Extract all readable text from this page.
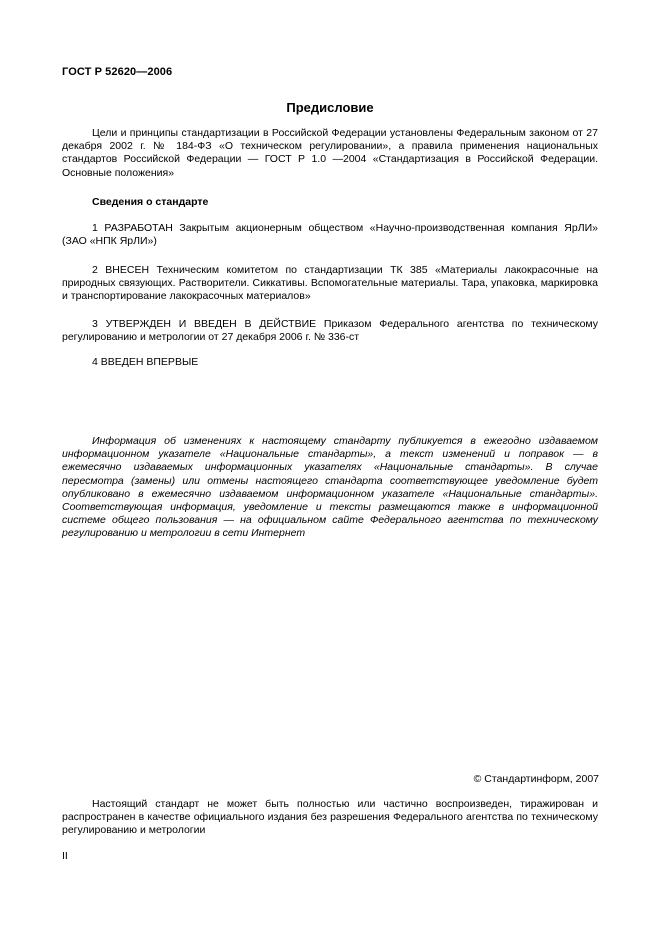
ГОСТ Р 52620—2006
Предисловие

Цели и принципы стандартизации в Российской Федерации установлены Федеральным законом от 27 декабря 2002 г. № 184-ФЗ «О техническом регулировании», а правила применения национальных стандартов Российской Федерации — ГОСТ Р 1.0 —2004 «Стандартизация в Российской Федерации. Основные положения»

Сведения о стандарте

1 РАЗРАБОТАН Закрытым акционерным обществом «Научно-производственная компания ЯрЛИ» (ЗАО «НПК ЯрЛИ»)

2 ВНЕСЕН Техническим комитетом по стандартизации ТК 385 «Материалы лакокрасочные на природных связующих. Растворители. Сиккативы. Вспомогательные материалы. Тара, упаковка, маркировка и транспортирование лакокрасочных материалов»

3 УТВЕРЖДЕН И ВВЕДЕН В ДЕЙСТВИЕ Приказом Федерального агентства по техническому регулированию и метрологии от 27 декабря 2006 г. № 336-ст

4 ВВЕДЕН ВПЕРВЫЕ

Информация об изменениях к настоящему стандарту публикуется в ежегодно издаваемом информационном указателе «Национальные стандарты», а текст изменений и поправок — в ежемесячно издаваемых информационных указателях «Национальные стандарты». В случае пересмотра (замены) или отмены настоящего стандарта соответствующее уведомление будет опубликовано в ежемесячно издаваемом информационном указателе «Национальные стандарты». Соответствующая информация, уведомление и тексты размещаются также в информационной системе общего пользования — на официальном сайте Федерального агентства по техническому регулированию и метрологии в сети Интернет

© Стандартинформ, 2007

Настоящий стандарт не может быть полностью или частично воспроизведен, тиражирован и распространен в качестве официального издания без разрешения Федерального агентства по техническому регулированию и метрологии

II
